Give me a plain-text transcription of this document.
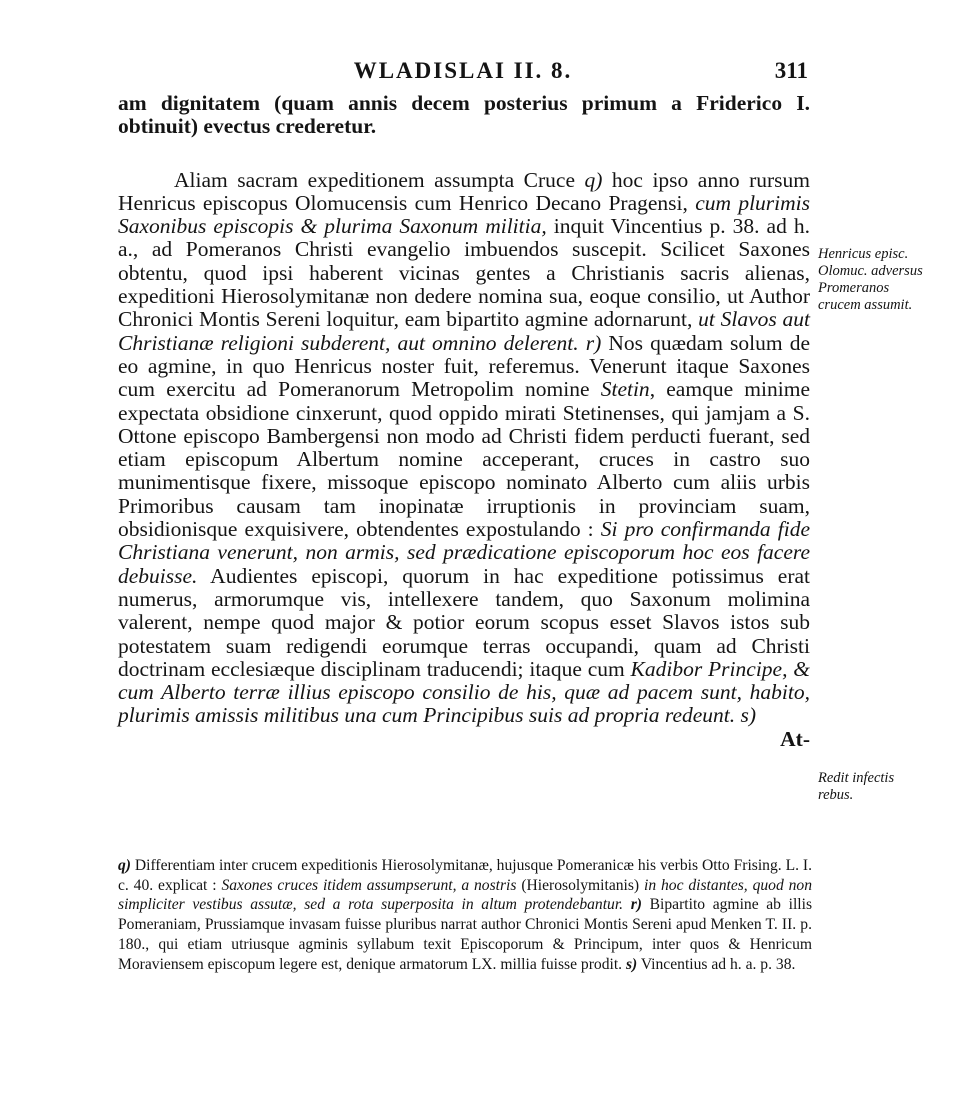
WLADISLAI II. 8.	311

am dignitatem (quam annis decem posterius primum a Friderico I. obtinuit) evectus crederetur.

Aliam sacram expeditionem assumpta Cruce q) hoc ipso anno rursum Henricus episcopus Olomucensis cum Henrico Decano Pragensi, cum plurimis Saxonibus episcopis & plurima Saxonum militia, inquit Vincentius p. 38. ad h. a., ad Pomeranos Christi evangelio imbuendos suscepit. Scilicet Saxones obtentu, quod ipsi haberent vicinas gentes a Christianis sacris alienas, expeditioni Hierosolymitanæ non dedere nomina sua, eoque consilio, ut Author Chronici Montis Sereni loquitur, eam bipartito agmine adornarunt, ut Slavos aut Christianæ religioni subderent, aut omnino delerent. r) Nos quædam solum de eo agmine, in quo Henricus noster fuit, referemus. Venerunt itaque Saxones cum exercitu ad Pomeranorum Metropolim nomine Stetin, eamque minime expectata obsidione cinxerunt, quod oppido mirati Stetinenses, qui jamjam a S. Ottone episcopo Bambergensi non modo ad Christi fidem perducti fuerant, sed etiam episcopum Albertum nomine acceperant, cruces in castro suo munimentisque fixere, missoque episcopo nominato Alberto cum aliis urbis Primoribus causam tam inopinatæ irruptionis in provinciam suam, obsidionisque exquisivere, obtendentes expostulando : Si pro confirmanda fide Christiana venerunt, non armis, sed prædicatione episcoporum hoc eos facere debuisse. Audientes episcopi, quorum in hac expeditione potissimus erat numerus, armorumque vis, intellexere tandem, quo Saxonum molimina valerent, nempe quod major & potior eorum scopus esset Slavos istos sub potestatem suam redigendi eorumque terras occupandi, quam ad Christi doctrinam ecclesiæque disciplinam traducendi; itaque cum Kadibor Principe, & cum Alberto terræ illius episcopo consilio de his, quæ ad pacem sunt, habito, plurimis amissis militibus una cum Principibus suis ad propria redeunt. s)

At-
Henricus episc. Olomuc. adversus Promeranos crucem assumit.
Redit infectis rebus.

q) Differentiam inter crucem expeditionis Hierosolymitanæ, hujusque Pomeranicæ his verbis Otto Frising. L. I. c. 40. explicat : Saxones cruces itidem assumpserunt, a nostris (Hierosolymitanis) in hoc distantes, quod non simpliciter vestibus assutæ, sed a rota superposita in altum protendebantur. r) Bipartito agmine ab illis Pomeraniam, Prussiamque invasam fuisse pluribus narrat author Chronici Montis Sereni apud Menken T. II. p. 180., qui etiam utriusque agminis syllabum texit Episcoporum & Principum, inter quos & Henricum Moraviensem episcopum legere est, denique armatorum LX. millia fuisse prodit. s) Vincentius ad h. a. p. 38.
